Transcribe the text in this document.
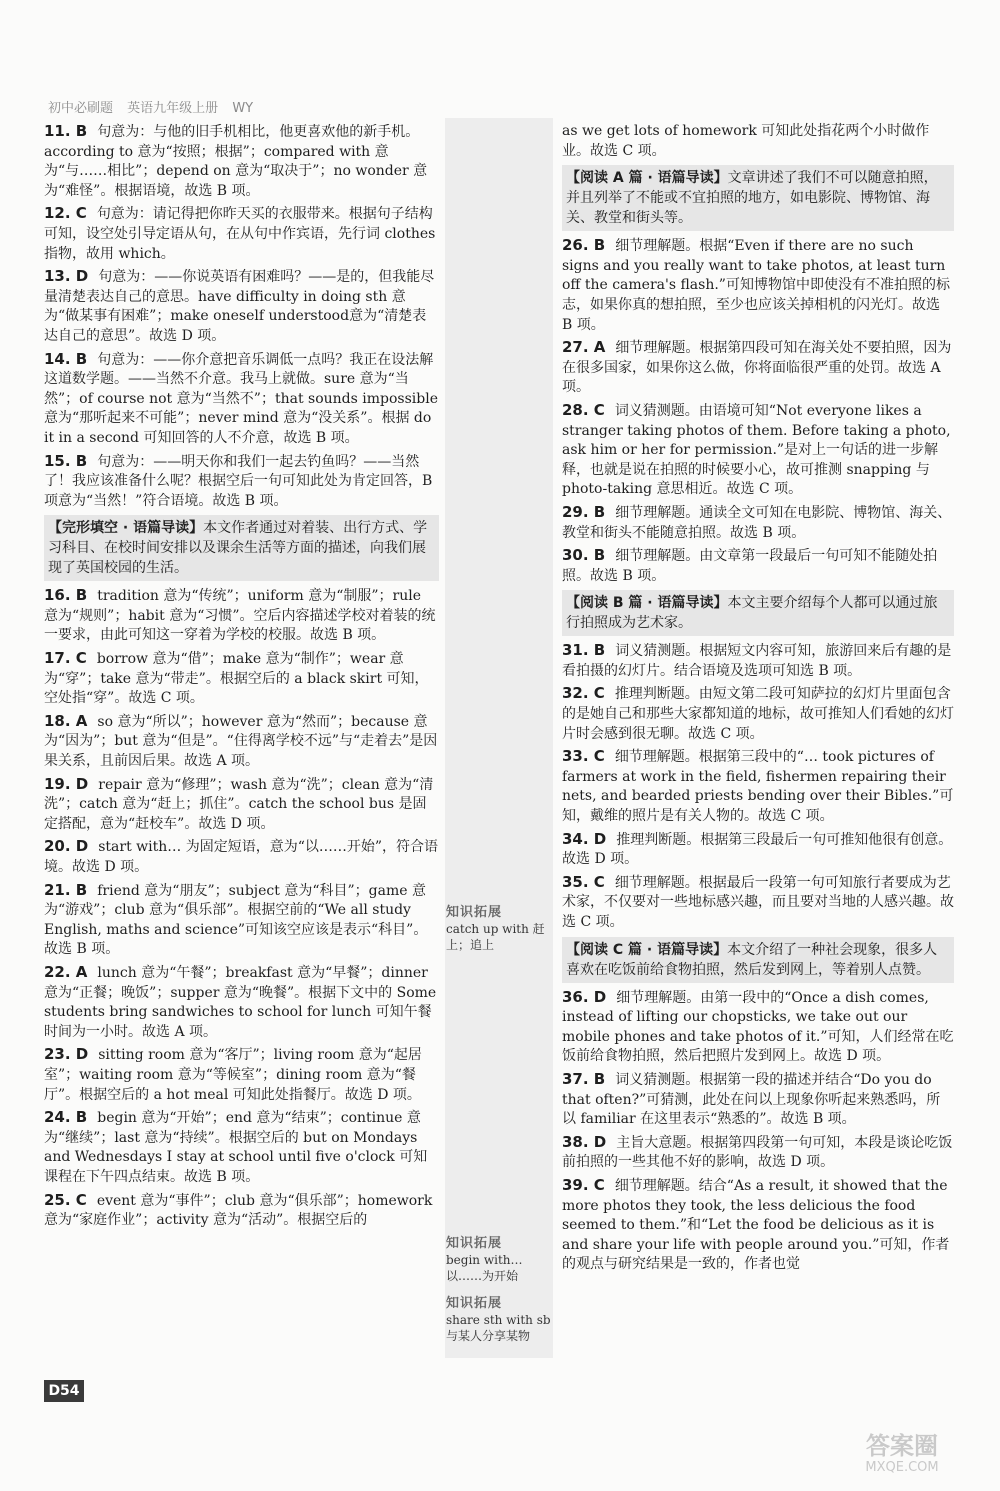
初中必刷题 英语九年级上册 WY
11. B 句意为：与他的旧手机相比，他更喜欢他的新手机。according to 意为“按照；根据”；compared with 意为“与……相比”；depend on 意为“取决于”；no wonder 意为“难怪”。根据语境，故选 B 项。
12. C 句意为：请记得把你昨天买的衣服带来。根据句子结构可知，设空处引导定语从句，在从句中作宾语，先行词 clothes 指物，故用 which。
13. D 句意为：——你说英语有困难吗？——是的，但我能尽量清楚表达自己的意思。have difficulty in doing sth 意为“做某事有困难”；make oneself understood意为“清楚表达自己的意思”。故选 D 项。
14. B 句意为：——你介意把音乐调低一点吗？我正在设法解这道数学题。——当然不介意。我马上就做。sure 意为“当然”；of course not 意为“当然不”；that sounds impossible 意为“那听起来不可能”；never mind 意为“没关系”。根据 do it in a second 可知回答的人不介意，故选 B 项。
15. B 句意为：——明天你和我们一起去钓鱼吗？——当然了！我应该准备什么呢？根据空后一句可知此处为肯定回答，B 项意为“当然！”符合语境。故选 B 项。
【完形填空 · 语篇导读】本文作者通过对着装、出行方式、学习科目、在校时间安排以及课余生活等方面的描述，向我们展现了英国校园的生活。
16. B tradition 意为“传统”；uniform 意为“制服”；rule 意为“规则”；habit 意为“习惯”。空后内容描述学校对着装的统一要求，由此可知这一穿着为学校的校服。故选 B 项。
17. C borrow 意为“借”；make 意为“制作”；wear 意为“穿”；take 意为“带走”。根据空后的 a black skirt 可知，空处指“穿”。故选 C 项。
18. A so 意为“所以”；however 意为“然而”；because 意为“因为”；but 意为“但是”。“住得离学校不远”与“走着去”是因果关系，且前因后果。故选 A 项。
19. D repair 意为“修理”；wash 意为“洗”；clean 意为“清洗”；catch 意为“赶上；抓住”。catch the school bus 是固定搭配，意为“赶校车”。故选 D 项。
20. D start with… 为固定短语，意为“以……开始”，符合语境。故选 D 项。
21. B friend 意为“朋友”；subject 意为“科目”；game 意为“游戏”；club 意为“俱乐部”。根据空前的“We all study English, maths and science”可知该空应该是表示“科目”。故选 B 项。
22. A lunch 意为“午餐”；breakfast 意为“早餐”；dinner 意为“正餐；晚饭”；supper 意为“晚餐”。根据下文中的 Some students bring sandwiches to school for lunch 可知午餐时间为一小时。故选 A 项。
23. D sitting room 意为“客厅”；living room 意为“起居室”；waiting room 意为“等候室”；dining room 意为“餐厅”。根据空后的 a hot meal 可知此处指餐厅。故选 D 项。
24. B begin 意为“开始”；end 意为“结束”；continue 意为“继续”；last 意为“持续”。根据空后的 but on Mondays and Wednesdays I stay at school until five o'clock 可知课程在下午四点结束。故选 B 项。
25. C event 意为“事件”；club 意为“俱乐部”；homework 意为“家庭作业”；activity 意为“活动”。根据空后的
知识拓展
catch up with 赶上；追上
知识拓展
begin with… 以……为开始
知识拓展
share sth with sb 与某人分享某物
as we get lots of homework 可知此处指花两个小时做作业。故选 C 项。
【阅读 A 篇 · 语篇导读】文章讲述了我们不可以随意拍照，并且列举了不能或不宜拍照的地方，如电影院、博物馆、海关、教堂和街头等。
26. B 细节理解题。根据“Even if there are no such signs and you really want to take photos, at least turn off the camera's flash.”可知博物馆中即使没有不准拍照的标志，如果你真的想拍照，至少也应该关掉相机的闪光灯。故选 B 项。
27. A 细节理解题。根据第四段可知在海关处不要拍照，因为在很多国家，如果你这么做，你将面临很严重的处罚。故选 A 项。
28. C 词义猜测题。由语境可知“Not everyone likes a stranger taking photos of them. Before taking a photo, ask him or her for permission.”是对上一句话的进一步解释，也就是说在拍照的时候要小心，故可推测 snapping 与 photo-taking 意思相近。故选 C 项。
29. B 细节理解题。通读全文可知在电影院、博物馆、海关、教堂和街头不能随意拍照。故选 B 项。
30. B 细节理解题。由文章第一段最后一句可知不能随处拍照。故选 B 项。
【阅读 B 篇 · 语篇导读】本文主要介绍每个人都可以通过旅行拍照成为艺术家。
31. B 词义猜测题。根据短文内容可知，旅游回来后有趣的是看拍摄的幻灯片。结合语境及选项可知选 B 项。
32. C 推理判断题。由短文第二段可知萨拉的幻灯片里面包含的是她自己和那些大家都知道的地标，故可推知人们看她的幻灯片时会感到很无聊。故选 C 项。
33. C 细节理解题。根据第三段中的“… took pictures of farmers at work in the field, fishermen repairing their nets, and bearded priests bending over their Bibles.”可知，戴维的照片是有关人物的。故选 C 项。
34. D 推理判断题。根据第三段最后一句可推知他很有创意。故选 D 项。
35. C 细节理解题。根据最后一段第一句可知旅行者要成为艺术家，不仅要对一些地标感兴趣，而且要对当地的人感兴趣。故选 C 项。
【阅读 C 篇 · 语篇导读】本文介绍了一种社会现象，很多人喜欢在吃饭前给食物拍照，然后发到网上，等着别人点赞。
36. D 细节理解题。由第一段中的“Once a dish comes, instead of lifting our chopsticks, we take out our mobile phones and take photos of it.”可知，人们经常在吃饭前给食物拍照，然后把照片发到网上。故选 D 项。
37. B 词义猜测题。根据第一段的描述并结合“Do you do that often?”可猜测，此处在问以上现象你听起来熟悉吗，所以 familiar 在这里表示“熟悉的”。故选 B 项。
38. D 主旨大意题。根据第四段第一句可知，本段是谈论吃饭前拍照的一些其他不好的影响，故选 D 项。
39. C 细节理解题。结合“As a result, it showed that the more photos they took, the less delicious the food seemed to them.”和“Let the food be delicious as it is and share your life with people around you.”可知，作者的观点与研究结果是一致的，作者也觉
D54
答案圈
MXQE.COM
